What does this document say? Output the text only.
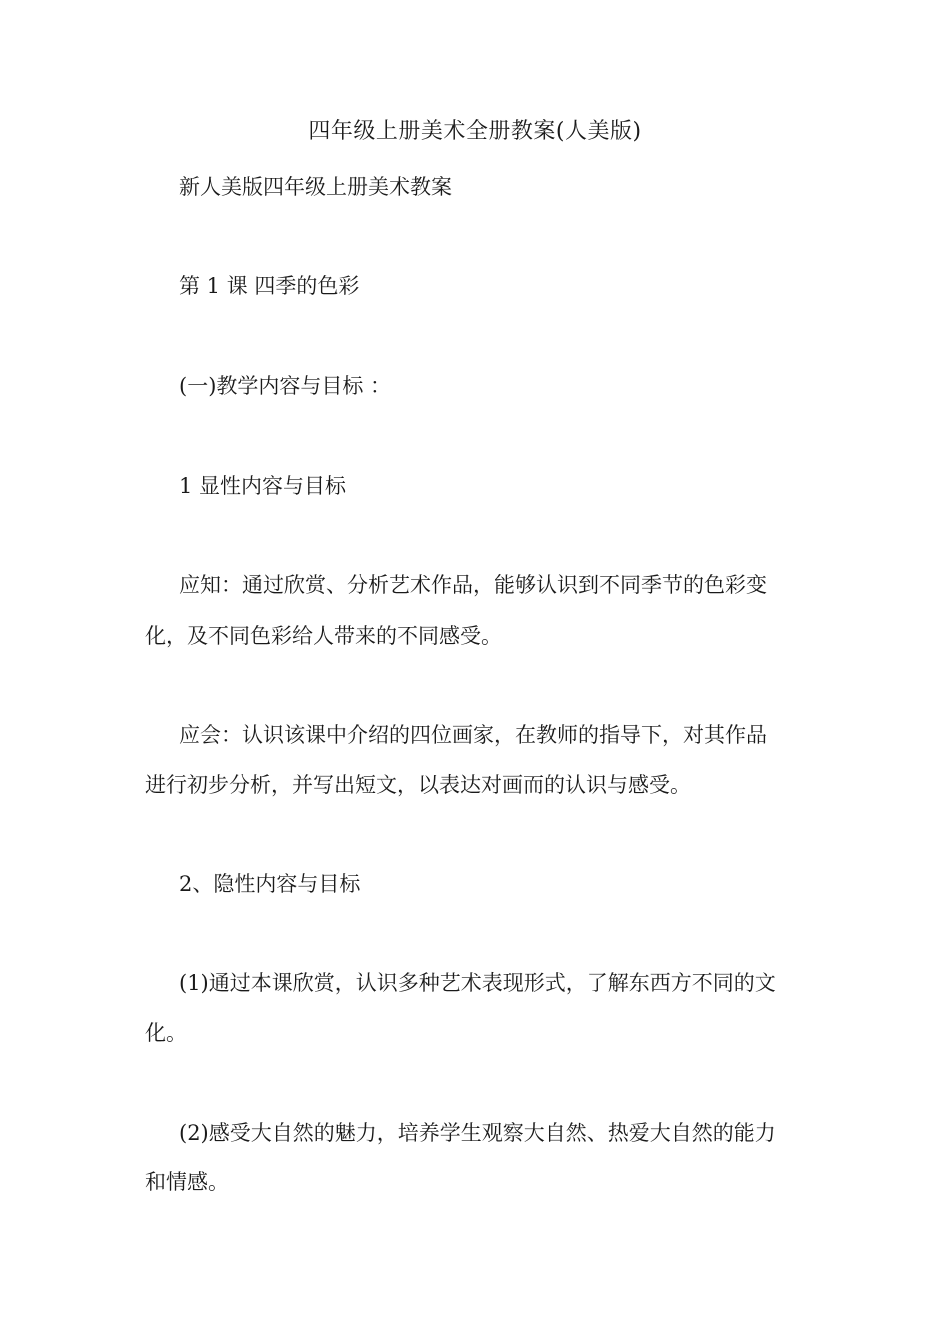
四年级上册美术全册教案(人美版)
新人美版四年级上册美术教案
第 1 课 四季的色彩
(一)教学内容与目标 ：
1 显性内容与目标
应知：通过欣赏、分析艺术作品，能够认识到不同季节的色彩变
化，及不同色彩给人带来的不同感受。
应会：认识该课中介绍的四位画家，在教师的指导下，对其作品
进行初步分析，并写出短文，以表达对画而的认识与感受。
2、隐性内容与目标
(1)通过本课欣赏，认识多种艺术表现形式，了解东西方不同的文
化。
(2)感受大自然的魅力，培养学生观察大自然、热爱大自然的能力
和情感。
